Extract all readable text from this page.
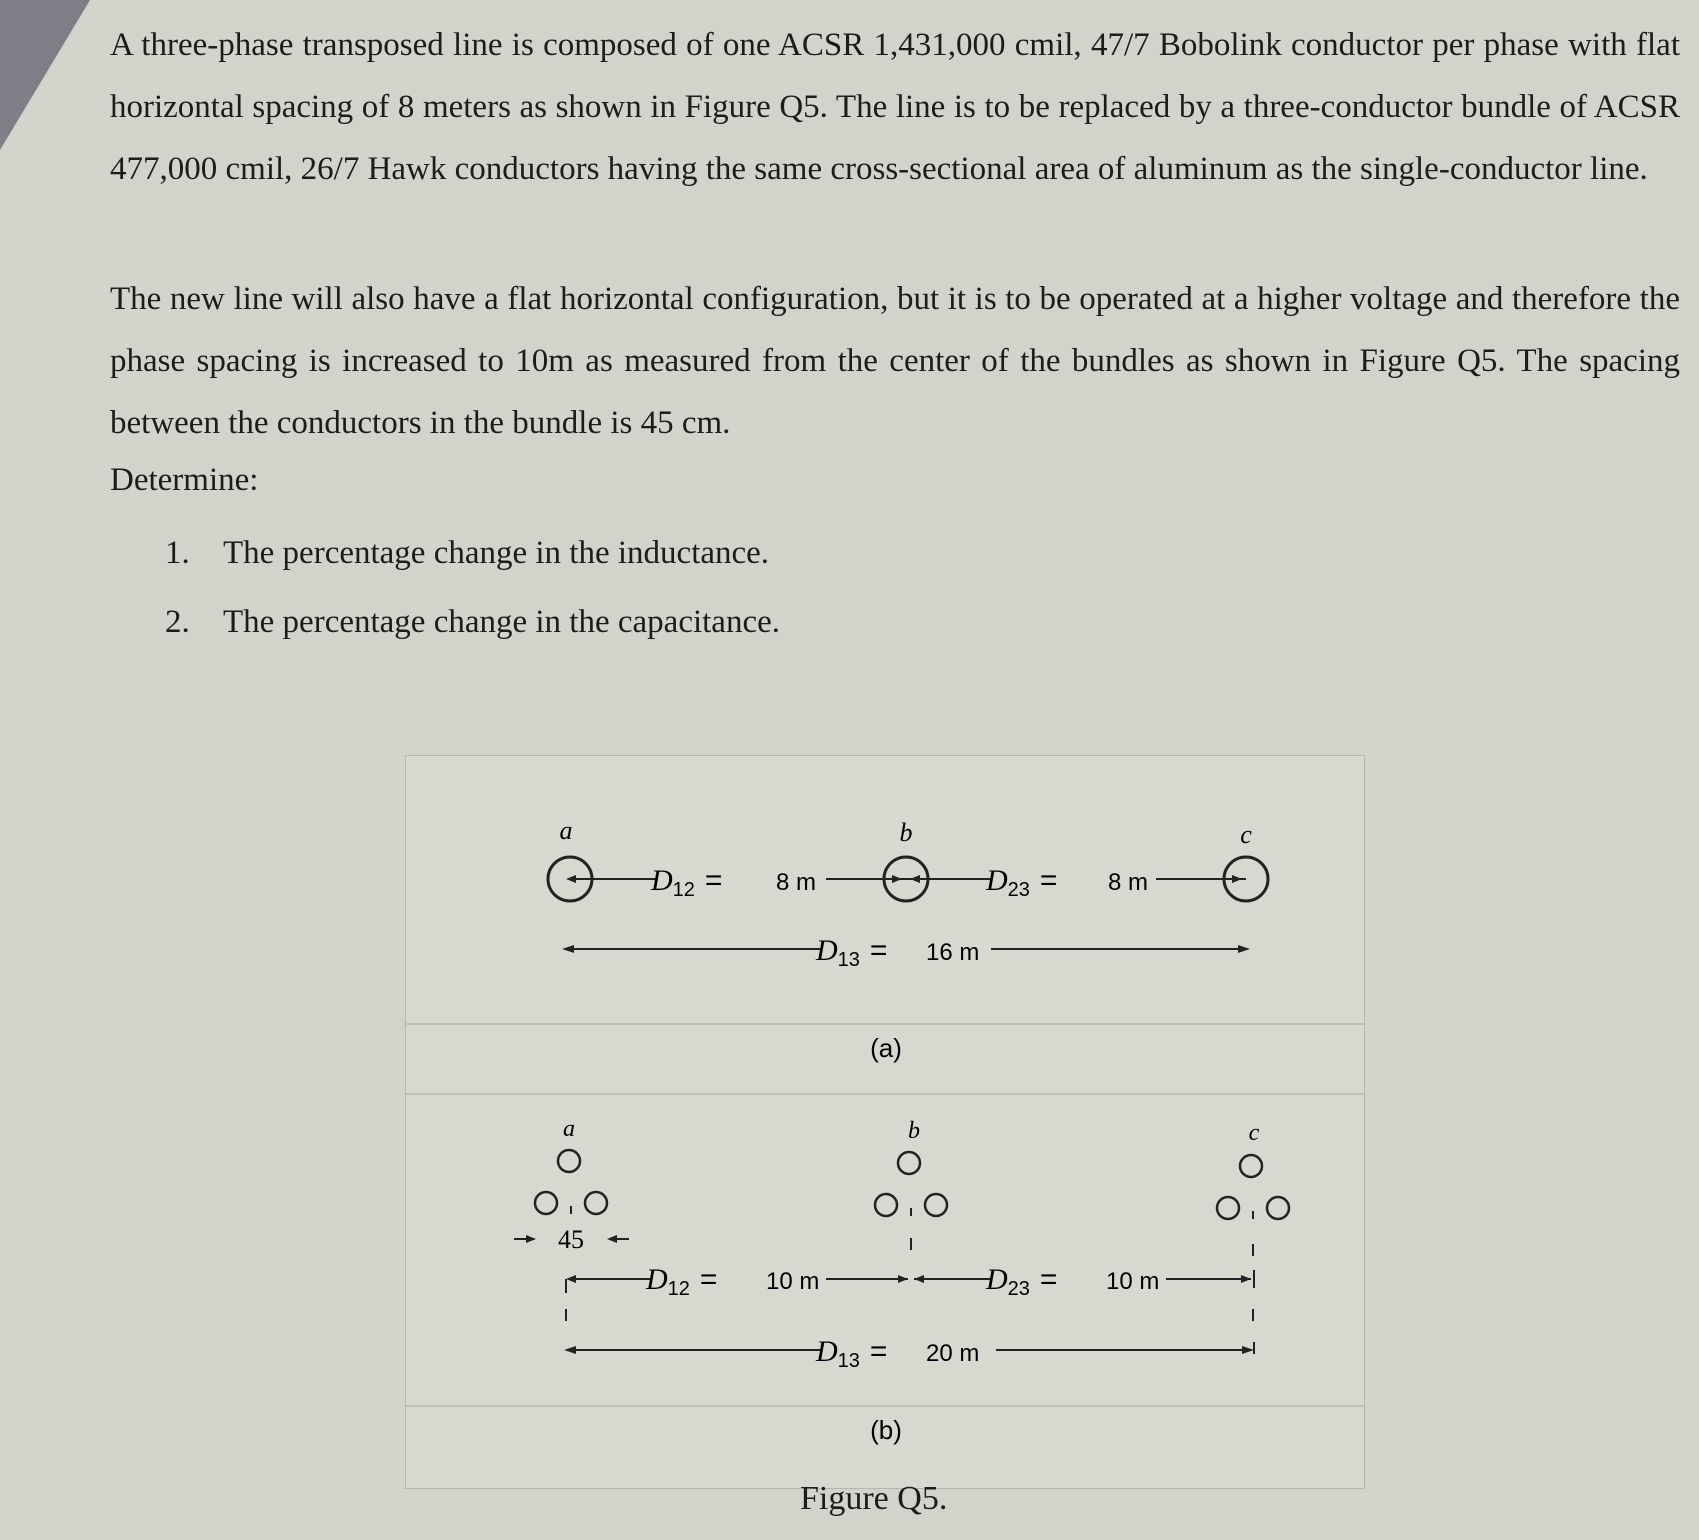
A three-phase transposed line is composed of one ACSR 1,431,000 cmil, 47/7 Bobolink conductor per phase with flat horizontal spacing of 8 meters as shown in Figure Q5. The line is to be replaced by a three-conductor bundle of ACSR 477,000 cmil, 26/7 Hawk conductors having the same cross-sectional area of aluminum as the single-conductor line.

The new line will also have a flat horizontal configuration, but it is to be operated at a higher voltage and therefore the phase spacing is increased to 10m as measured from the center of the bundles as shown in Figure Q5. The spacing between the conductors in the bundle is 45 cm.

Determine:
1. The percentage change in the inductance.
2. The percentage change in the capacitance.
a	b	c
$D_{12} = 8$ m	$D_{23} = 8$ m
$D_{13} = 16$ m
(a)
a	b	c
45
$D_{12} = 10$ m	$D_{23} = 10$ m
$D_{13} = 20$ m
(b)
Figure Q5.
